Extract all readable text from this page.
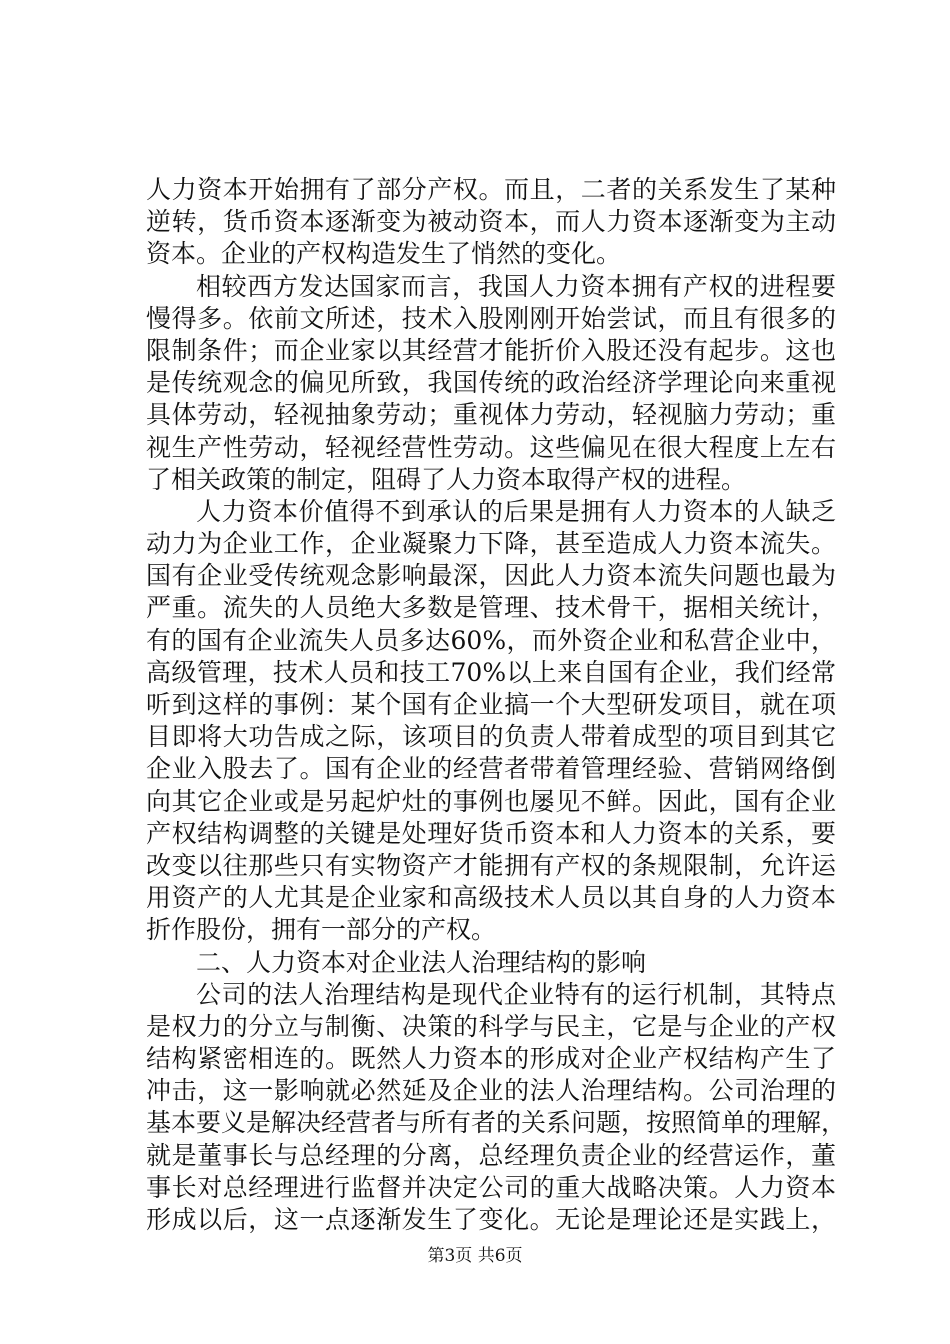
人力资本开始拥有了部分产权。而且，二者的关系发生了某种
逆转，货币资本逐渐变为被动资本，而人力资本逐渐变为主动
资本。企业的产权构造发生了悄然的变化。
相较西方发达国家而言，我国人力资本拥有产权的进程要
慢得多。依前文所述，技术入股刚刚开始尝试，而且有很多的
限制条件；而企业家以其经营才能折价入股还没有起步。这也
是传统观念的偏见所致，我国传统的政治经济学理论向来重视
具体劳动，轻视抽象劳动；重视体力劳动，轻视脑力劳动；重
视生产性劳动，轻视经营性劳动。这些偏见在很大程度上左右
了相关政策的制定，阻碍了人力资本取得产权的进程。
人力资本价值得不到承认的后果是拥有人力资本的人缺乏
动力为企业工作，企业凝聚力下降，甚至造成人力资本流失。
国有企业受传统观念影响最深，因此人力资本流失问题也最为
严重。流失的人员绝大多数是管理、技术骨干，据相关统计，
有的国有企业流失人员多达60%，而外资企业和私营企业中，
高级管理，技术人员和技工70%以上来自国有企业，我们经常
听到这样的事例：某个国有企业搞一个大型研发项目，就在项
目即将大功告成之际，该项目的负责人带着成型的项目到其它
企业入股去了。国有企业的经营者带着管理经验、营销网络倒
向其它企业或是另起炉灶的事例也屡见不鲜。因此，国有企业
产权结构调整的关键是处理好货币资本和人力资本的关系，要
改变以往那些只有实物资产才能拥有产权的条规限制，允许运
用资产的人尤其是企业家和高级技术人员以其自身的人力资本
折作股份，拥有一部分的产权。
二、人力资本对企业法人治理结构的影响
公司的法人治理结构是现代企业特有的运行机制，其特点
是权力的分立与制衡、决策的科学与民主，它是与企业的产权
结构紧密相连的。既然人力资本的形成对企业产权结构产生了
冲击，这一影响就必然延及企业的法人治理结构。公司治理的
基本要义是解决经营者与所有者的关系问题，按照简单的理解，
就是董事长与总经理的分离，总经理负责企业的经营运作，董
事长对总经理进行监督并决定公司的重大战略决策。人力资本
形成以后，这一点逐渐发生了变化。无论是理论还是实践上，
第3页 共6页
